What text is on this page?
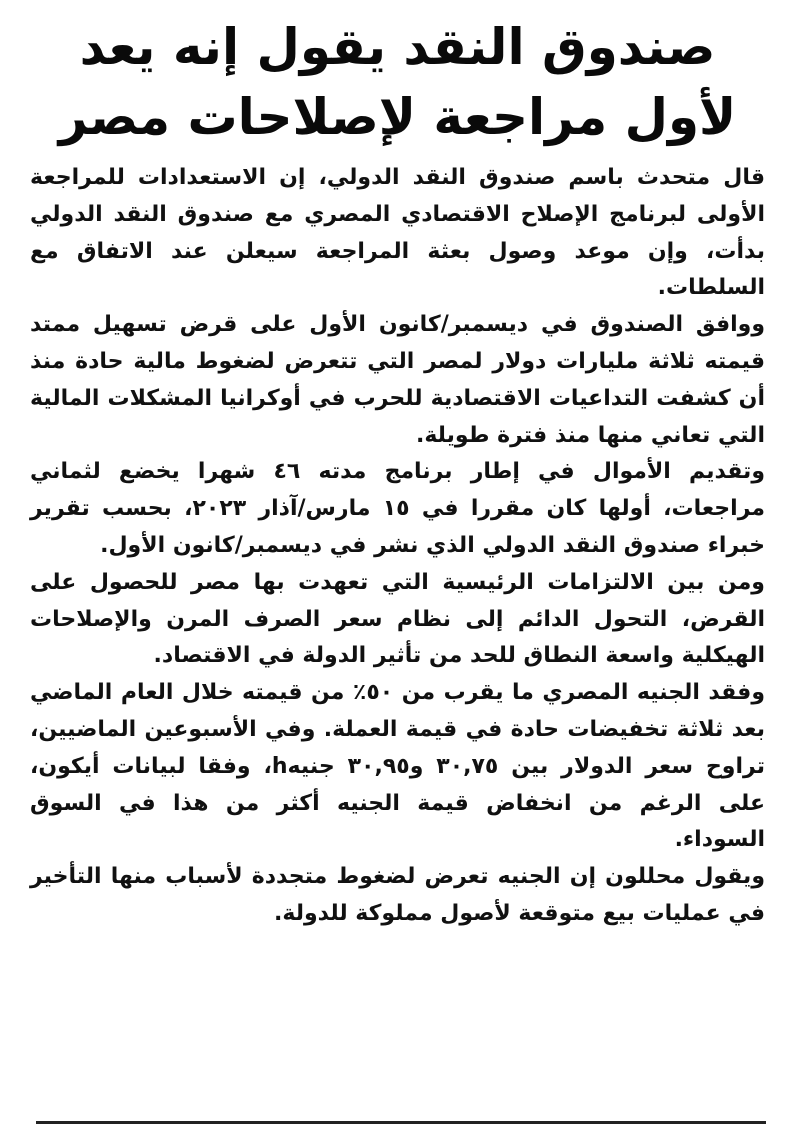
صندوق النقد يقول إنه يعد
لأول مراجعة لإصلاحات مصر

قال متحدث باسم صندوق النقد الدولي، إن الاستعدادات للمراجعة الأولى لبرنامج الإصلاح الاقتصادي المصري مع صندوق النقد الدولي بدأت، وإن موعد وصول بعثة المراجعة سيعلن عند الاتفاق مع السلطات.

ووافق الصندوق في ديسمبر/كانون الأول على قرض تسهيل ممتد قيمته ثلاثة مليارات دولار لمصر التي تتعرض لضغوط مالية حادة منذ أن كشفت التداعيات الاقتصادية للحرب في أوكرانيا المشكلات المالية التي تعاني منها منذ فترة طويلة.

وتقديم الأموال في إطار برنامج مدته ٤٦ شهرا يخضع لثماني مراجعات، أولها كان مقررا في ١٥ مارس/آذار ٢٠٢٣، بحسب تقرير خبراء صندوق النقد الدولي الذي نشر في ديسمبر/كانون الأول.

ومن بين الالتزامات الرئيسية التي تعهدت بها مصر للحصول على القرض، التحول الدائم إلى نظام سعر الصرف المرن والإصلاحات الهيكلية واسعة النطاق للحد من تأثير الدولة في الاقتصاد.

وفقد الجنيه المصري ما يقرب من ٥٠٪ من قيمته خلال العام الماضي بعد ثلاثة تخفيضات حادة في قيمة العملة. وفي الأسبوعين الماضيين، تراوح سعر الدولار بين ٣٠,٧٥ و٣٠,٩٥ جنيهh، وفقا لبيانات أيكون، على الرغم من انخفاض قيمة الجنيه أكثر من هذا في السوق السوداء.

ويقول محللون إن الجنيه تعرض لضغوط متجددة لأسباب منها التأخير في عمليات بيع متوقعة لأصول مملوكة للدولة.
